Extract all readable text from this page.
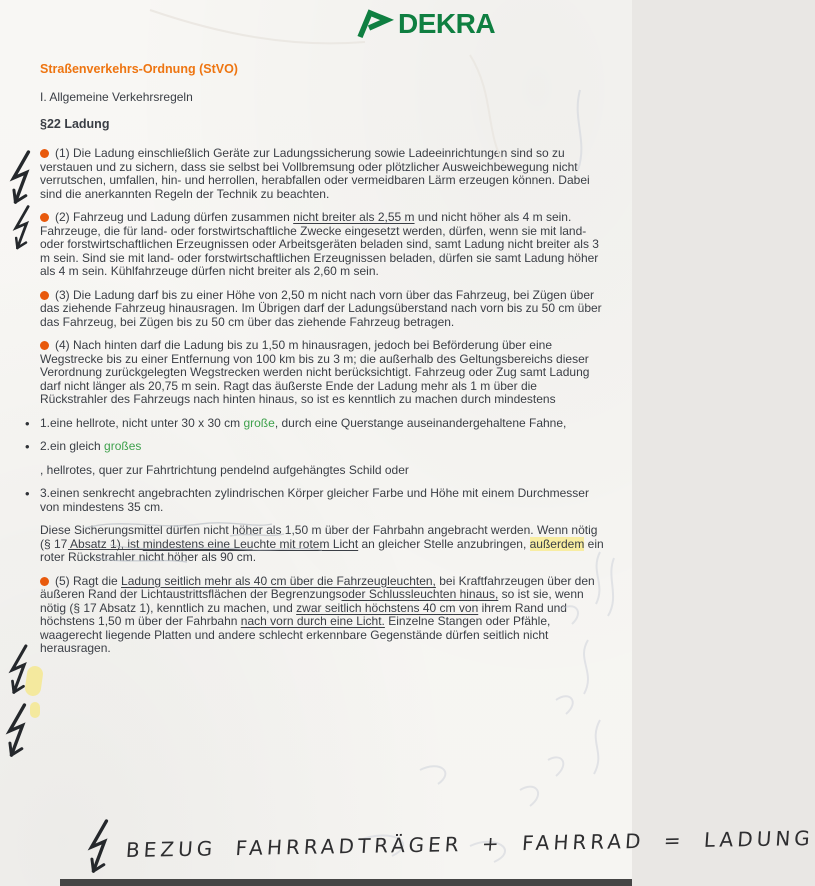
DEKRA

Straßenverkehrs-Ordnung (StVO)

I. Allgemeine Verkehrsregeln

§22 Ladung

(1) Die Ladung einschließlich Geräte zur Ladungssicherung sowie Ladeeinrichtungen sind so zu verstauen und zu sichern, dass sie selbst bei Vollbremsung oder plötzlicher Ausweichbewegung nicht verrutschen, umfallen, hin- und herrollen, herabfallen oder vermeidbaren Lärm erzeugen können. Dabei sind die anerkannten Regeln der Technik zu beachten.

(2) Fahrzeug und Ladung dürfen zusammen nicht breiter als 2,55 m und nicht höher als 4 m sein. Fahrzeuge, die für land- oder forstwirtschaftliche Zwecke eingesetzt werden, dürfen, wenn sie mit land- oder forstwirtschaftlichen Erzeugnissen oder Arbeitsgeräten beladen sind, samt Ladung nicht breiter als 3 m sein. Sind sie mit land- oder forstwirtschaftlichen Erzeugnissen beladen, dürfen sie samt Ladung höher als 4 m sein. Kühlfahrzeuge dürfen nicht breiter als 2,60 m sein.

(3) Die Ladung darf bis zu einer Höhe von 2,50 m nicht nach vorn über das Fahrzeug, bei Zügen über das ziehende Fahrzeug hinausragen. Im Übrigen darf der Ladungsüberstand nach vorn bis zu 50 cm über das Fahrzeug, bei Zügen bis zu 50 cm über das ziehende Fahrzeug betragen.

(4) Nach hinten darf die Ladung bis zu 1,50 m hinausragen, jedoch bei Beförderung über eine Wegstrecke bis zu einer Entfernung von 100 km bis zu 3 m; die außerhalb des Geltungsbereichs dieser Verordnung zurückgelegten Wegstrecken werden nicht berücksichtigt. Fahrzeug oder Zug samt Ladung darf nicht länger als 20,75 m sein. Ragt das äußerste Ende der Ladung mehr als 1 m über die Rückstrahler des Fahrzeugs nach hinten hinaus, so ist es kenntlich zu machen durch mindestens

• 1.eine hellrote, nicht unter 30 x 30 cm große, durch eine Querstange auseinandergehaltene Fahne,

• 2.ein gleich großes

, hellrotes, quer zur Fahrtrichtung pendelnd aufgehängtes Schild oder

• 3.einen senkrecht angebrachten zylindrischen Körper gleicher Farbe und Höhe mit einem Durchmesser von mindestens 35 cm.

Diese Sicherungsmittel dürfen nicht höher als 1,50 m über der Fahrbahn angebracht werden. Wenn nötig (§ 17 Absatz 1), ist mindestens eine Leuchte mit rotem Licht an gleicher Stelle anzubringen, außerdem ein roter Rückstrahler nicht höher als 90 cm.

(5) Ragt die Ladung seitlich mehr als 40 cm über die Fahrzeugleuchten, bei Kraftfahrzeugen über den äußeren Rand der Lichtaustrittsflächen der Begrenzungsoder Schlussleuchten hinaus, so ist sie, wenn nötig (§ 17 Absatz 1), kenntlich zu machen, und zwar seitlich höchstens 40 cm von ihrem Rand und höchstens 1,50 m über der Fahrbahn nach vorn durch eine Licht. Einzelne Stangen oder Pfähle, waagerecht liegende Platten und andere schlecht erkennbare Gegenstände dürfen seitlich nicht herausragen.

BEZUG FAHRRADTRÄGER + FAHRRAD = LADUNG
